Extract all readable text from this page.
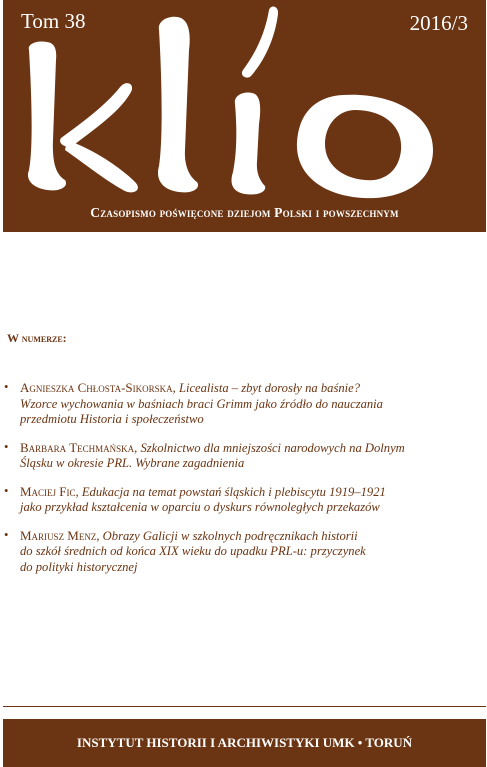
Tom 38	2016/3
Czasopismo poświęcone dziejom Polski i powszechnym
W numerze:
• Agnieszka Chłosta-Sikorska, Licealista – zbyt dorosły na baśnie?
Wzorce wychowania w baśniach braci Grimm jako źródło do nauczania
przedmiotu Historia i społeczeństwo
• Barbara Techmańska, Szkolnictwo dla mniejszości narodowych na Dolnym
Śląsku w okresie PRL. Wybrane zagadnienia
• Maciej Fic, Edukacja na temat powstań śląskich i plebiscytu 1919–1921
jako przykład kształcenia w oparciu o dyskurs równoległych przekazów
• Mariusz Menz, Obrazy Galicji w szkolnych podręcznikach historii
do szkół średnich od końca XIX wieku do upadku PRL-u: przyczynek
do polityki historycznej
INSTYTUT HISTORII I ARCHIWISTYKI UMK • TORUŃ
